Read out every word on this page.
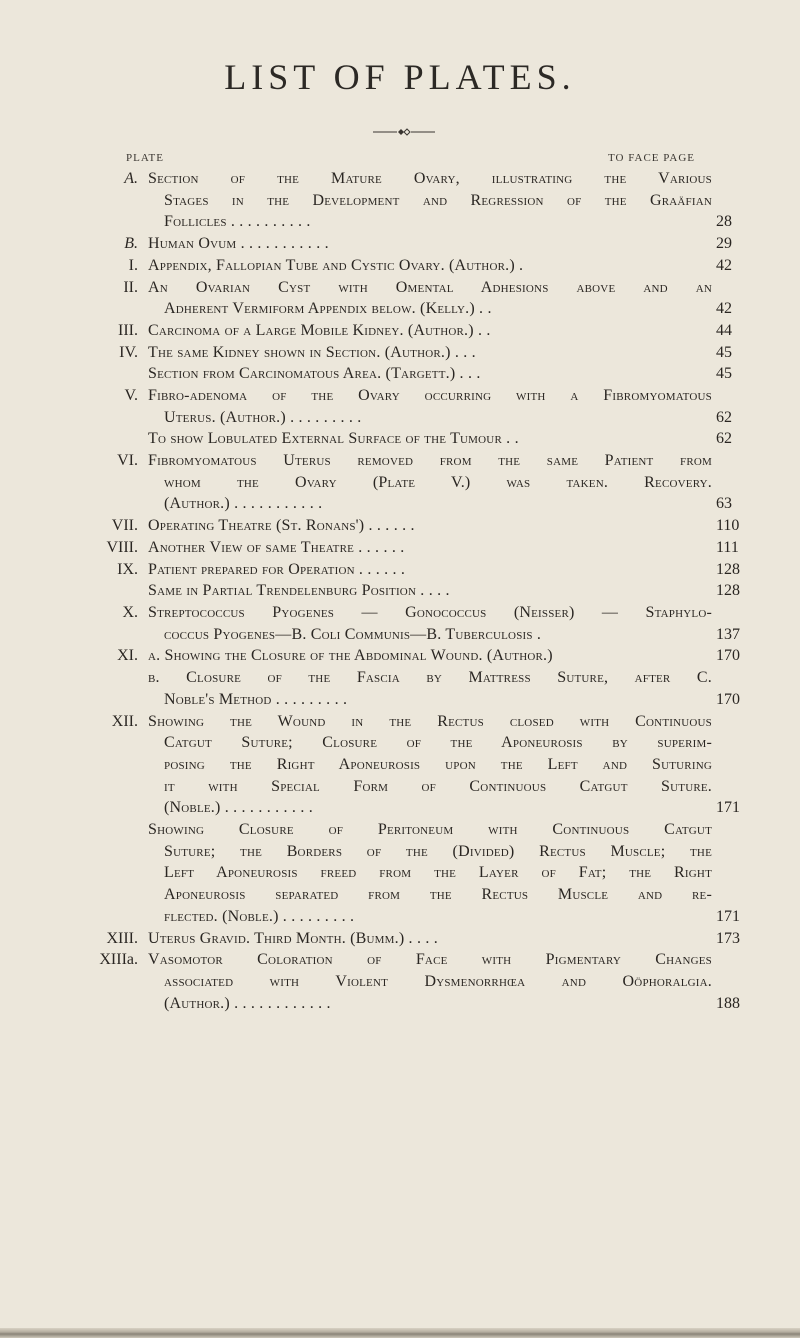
LIST OF PLATES.
PLATE	TO FACE PAGE
A. Section of the Mature Ovary, illustrating the Various
Stages in the Development and Regression of the Graäfian
Follicles . . . . . . . . . .	28
B. Human Ovum . . . . . . . . . . .	29
I. Appendix, Fallopian Tube and Cystic Ovary. (Author.) .	42
II. An Ovarian Cyst with Omental Adhesions above and an
Adherent Vermiform Appendix below. (Kelly.) . .	42
III. Carcinoma of a Large Mobile Kidney. (Author.) . .	44
IV. The same Kidney shown in Section. (Author.) . . .	45
Section from Carcinomatous Area. (Targett.) . . .	45
V. Fibro-adenoma of the Ovary occurring with a Fibromyomatous
Uterus. (Author.) . . . . . . . . .	62
To show Lobulated External Surface of the Tumour . .	62
VI. Fibromyomatous Uterus removed from the same Patient from
whom the Ovary (Plate V.) was taken. Recovery.
(Author.) . . . . . . . . . . .	63
VII. Operating Theatre (St. Ronans') . . . . . .	110
VIII. Another View of same Theatre . . . . . .	111
IX. Patient prepared for Operation . . . . . .	128
Same in Partial Trendelenburg Position . . . .	128
X. Streptococcus Pyogenes — Gonococcus (Neisser) — Staphylo-
coccus Pyogenes—B. Coli Communis—B. Tuberculosis .	137
XI. a. Showing the Closure of the Abdominal Wound. (Author.)	170
b. Closure of the Fascia by Mattress Suture, after C.
Noble's Method . . . . . . . . .	170
XII. Showing the Wound in the Rectus closed with Continuous
Catgut Suture; Closure of the Aponeurosis by superim-
posing the Right Aponeurosis upon the Left and Suturing
it with Special Form of Continuous Catgut Suture.
(Noble.) . . . . . . . . . . .	171
Showing Closure of Peritoneum with Continuous Catgut
Suture; the Borders of the (Divided) Rectus Muscle; the
Left Aponeurosis freed from the Layer of Fat; the Right
Aponeurosis separated from the Rectus Muscle and re-
flected. (Noble.) . . . . . . . . .	171
XIII. Uterus Gravid. Third Month. (Bumm.) . . . .	173
XIIIa. Vasomotor Coloration of Face with Pigmentary Changes
associated with Violent Dysmenorrhœa and Oöphoralgia.
(Author.) . . . . . . . . . . . .	188
